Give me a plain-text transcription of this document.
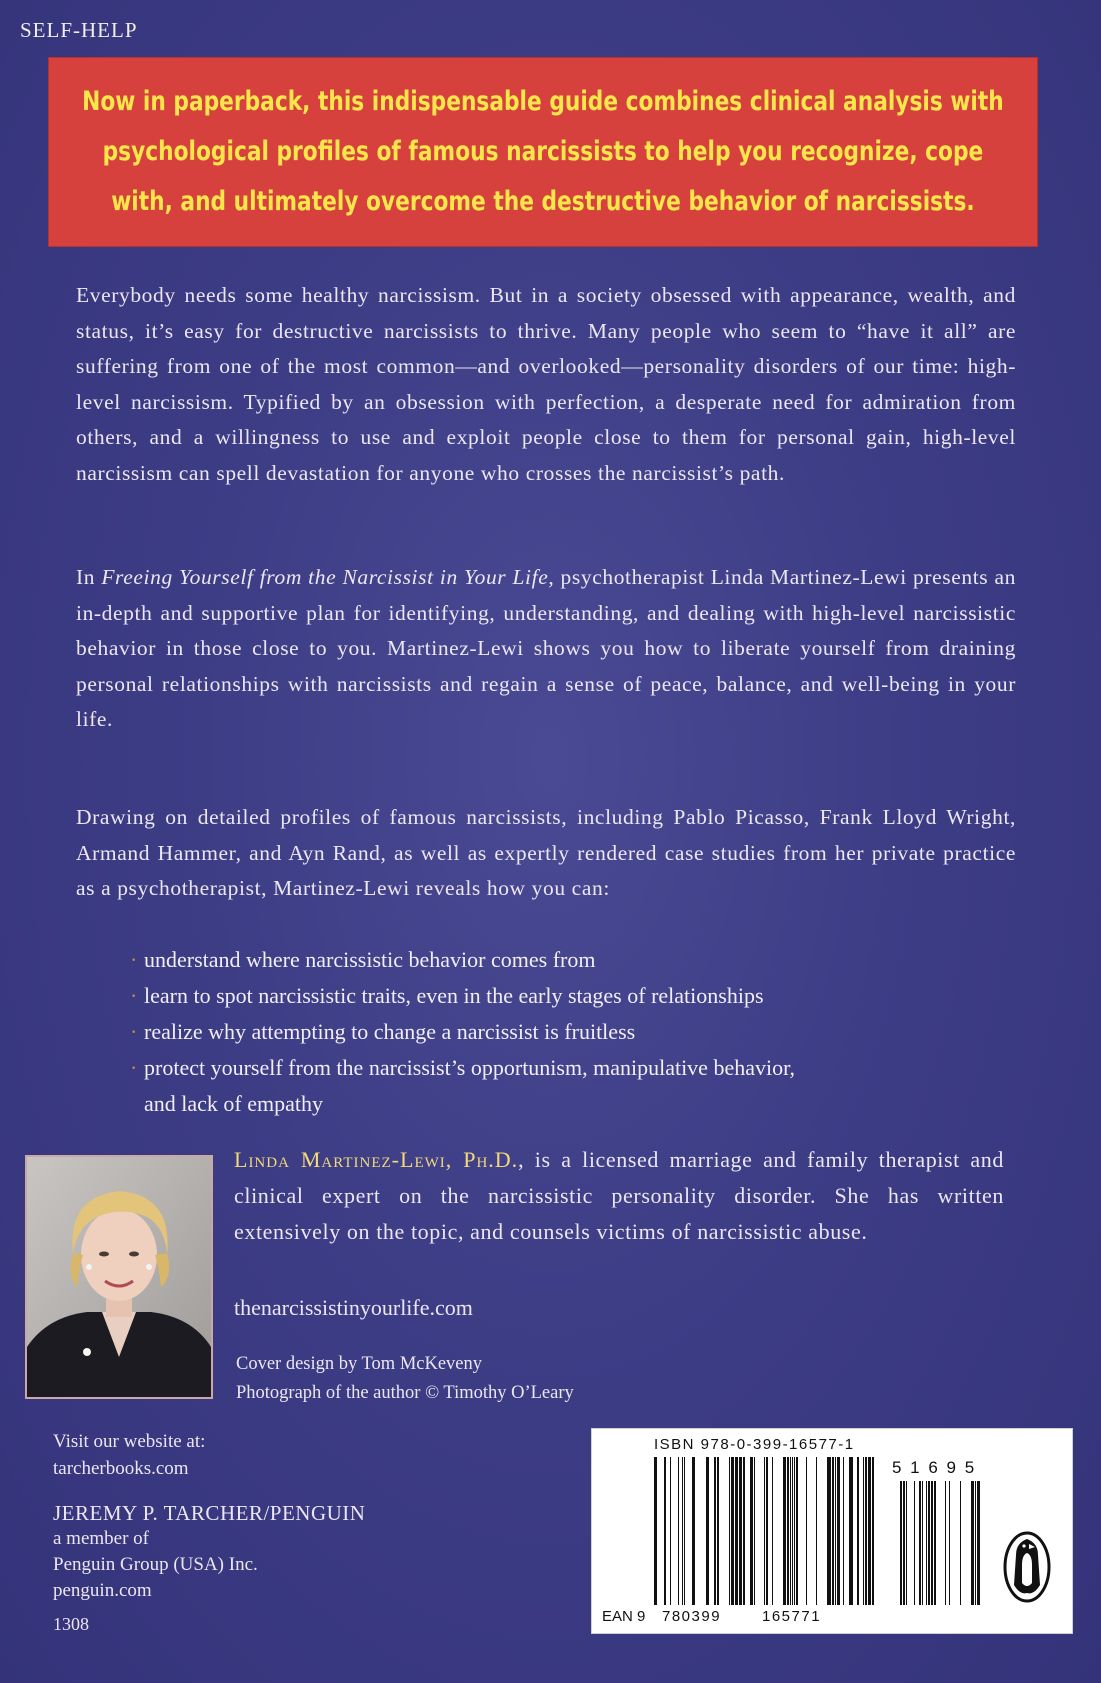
SELF-HELP
Now in paperback, this indispensable guide combines clinical analysis with
psychological profiles of famous narcissists to help you recognize, cope
with, and ultimately overcome the destructive behavior of narcissists.

Everybody needs some healthy narcissism. But in a society obsessed with appearance, wealth, and status, it’s easy for destructive narcissists to thrive. Many people who seem to “have it all” are suffering from one of the most common—and overlooked—personality disorders of our time: high-level narcissism. Typified by an obsession with perfection, a desperate need for admiration from others, and a willingness to use and exploit people close to them for personal gain, high-level narcissism can spell devastation for anyone who crosses the narcissist’s path.

In Freeing Yourself from the Narcissist in Your Life, psychotherapist Linda Martinez-Lewi presents an in-depth and supportive plan for identifying, understanding, and dealing with high-level narcissistic behavior in those close to you. Martinez-Lewi shows you how to liberate yourself from draining personal relationships with narcissists and regain a sense of peace, balance, and well-being in your life.

Drawing on detailed profiles of famous narcissists, including Pablo Picasso, Frank Lloyd Wright, Armand Hammer, and Ayn Rand, as well as expertly rendered case studies from her private practice as a psychotherapist, Martinez-Lewi reveals how you can:

· understand where narcissistic behavior comes from
· learn to spot narcissistic traits, even in the early stages of relationships
· realize why attempting to change a narcissist is fruitless
· protect yourself from the narcissist’s opportunism, manipulative behavior,
and lack of empathy
Linda Martinez-Lewi, Ph.D., is a licensed marriage and family therapist and clinical expert on the narcissistic personality disorder. She has written extensively on the topic, and counsels victims of narcissistic abuse.
thenarcissistinyourlife.com
Cover design by Tom McKeveny
Photograph of the author © Timothy O’Leary
Visit our website at:
tarcherbooks.com
JEREMY P. TARCHER/PENGUIN
a member of
Penguin Group (USA) Inc.
penguin.com
1308
ISBN 978-0-399-16577-1
5 1 6 9 5
EAN 9 780399	165771
